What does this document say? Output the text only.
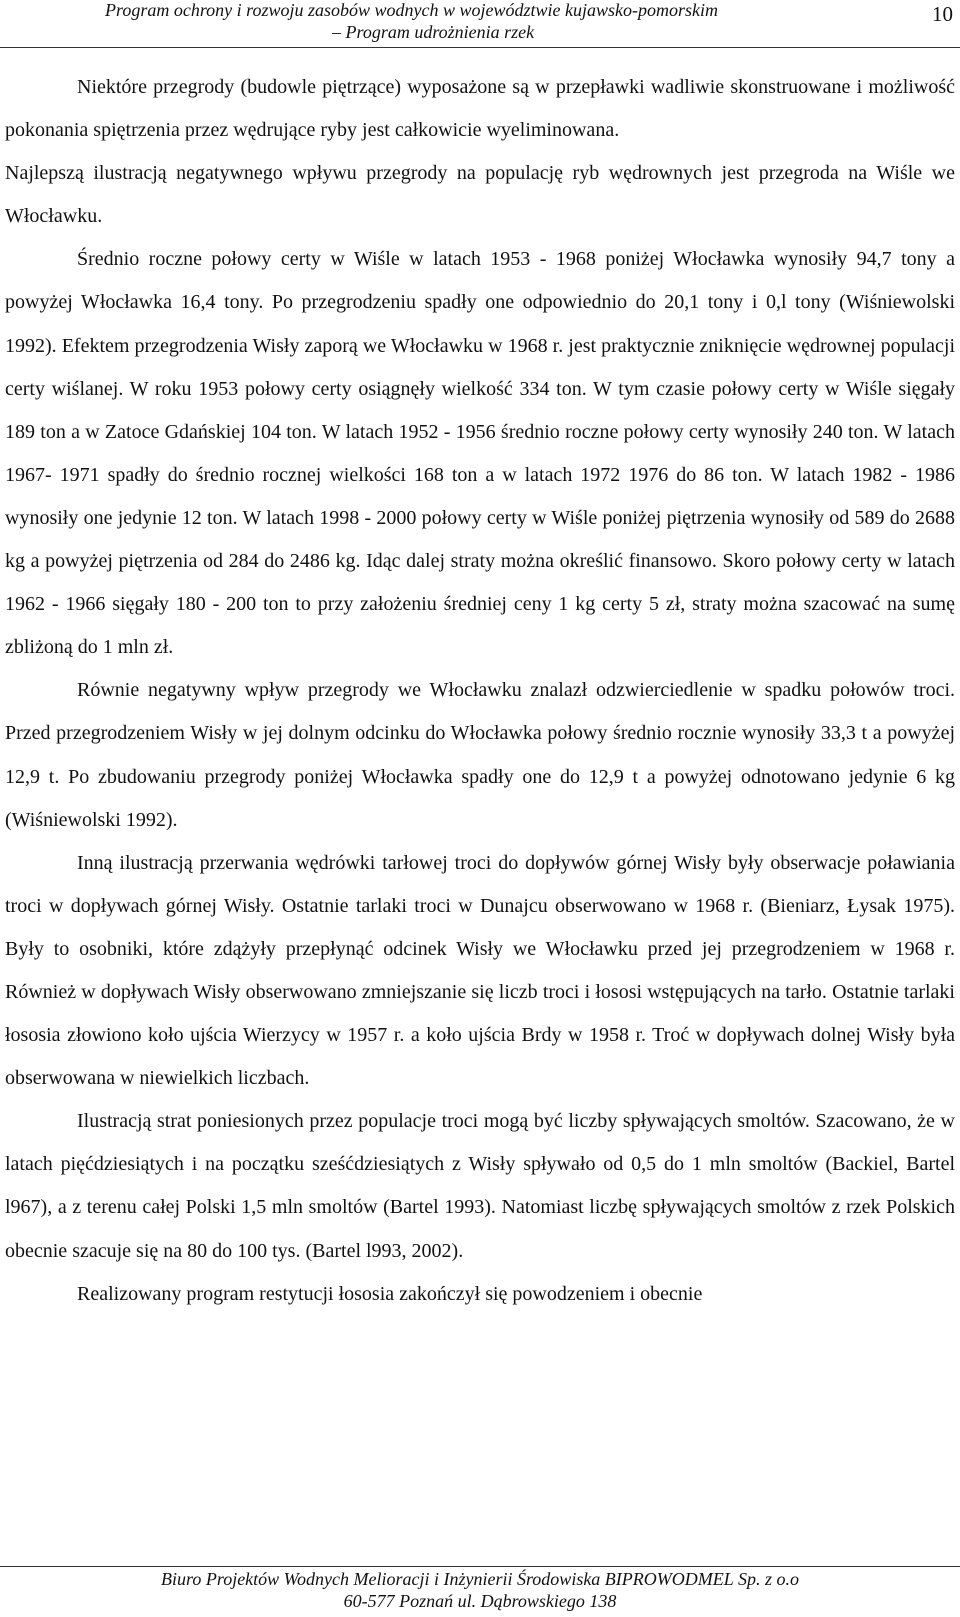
Program ochrony i rozwoju zasobów wodnych w województwie kujawsko-pomorskim
– Program udrożnienia rzek
10

Niektóre przegrody (budowle piętrzące) wyposażone są w przepławki wadliwie skonstruowane i możliwość pokonania spiętrzenia przez wędrujące ryby jest całkowicie wyeliminowana.

Najlepszą ilustracją negatywnego wpływu przegrody na populację ryb wędrownych jest przegroda na Wiśle we Włocławku.

Średnio roczne połowy certy w Wiśle w latach 1953 - 1968 poniżej Włocławka wynosiły 94,7 tony a powyżej Włocławka 16,4 tony. Po przegrodzeniu spadły one odpowiednio do 20,1 tony i 0,l tony (Wiśniewolski 1992). Efektem przegrodzenia Wisły zaporą we Włocławku w 1968 r. jest praktycznie zniknięcie wędrownej populacji certy wiślanej. W roku 1953 połowy certy osiągnęły wielkość 334 ton. W tym czasie połowy certy w Wiśle sięgały 189 ton a w Zatoce Gdańskiej 104 ton. W latach 1952 - 1956 średnio roczne połowy certy wynosiły 240 ton. W latach 1967- 1971 spadły do średnio rocznej wielkości 168 ton a w latach 1972 1976 do 86 ton. W latach 1982 - 1986 wynosiły one jedynie 12 ton. W latach 1998 - 2000 połowy certy w Wiśle poniżej piętrzenia wynosiły od 589 do 2688 kg a powyżej piętrzenia od 284 do 2486 kg. Idąc dalej straty można określić finansowo. Skoro połowy certy w latach 1962 - 1966 sięgały 180 - 200 ton to przy założeniu średniej ceny 1 kg certy 5 zł, straty można szacować na sumę zbliżoną do 1 mln zł.

Równie negatywny wpływ przegrody we Włocławku znalazł odzwierciedlenie w spadku połowów troci. Przed przegrodzeniem Wisły w jej dolnym odcinku do Włocławka połowy średnio rocznie wynosiły 33,3 t a powyżej 12,9 t. Po zbudowaniu przegrody poniżej Włocławka spadły one do 12,9 t a powyżej odnotowano jedynie 6 kg (Wiśniewolski 1992).

Inną ilustracją przerwania wędrówki tarłowej troci do dopływów górnej Wisły były obserwacje poławiania troci w dopływach górnej Wisły. Ostatnie tarlaki troci w Dunajcu obserwowano w 1968 r. (Bieniarz, Łysak 1975). Były to osobniki, które zdążyły przepłynąć odcinek Wisły we Włocławku przed jej przegrodzeniem w 1968 r. Również w dopływach Wisły obserwowano zmniejszanie się liczb troci i łososi wstępujących na tarło. Ostatnie tarlaki łososia złowiono koło ujścia Wierzycy w 1957 r. a koło ujścia Brdy w 1958 r. Troć w dopływach dolnej Wisły była obserwowana w niewielkich liczbach.

Ilustracją strat poniesionych przez populacje troci mogą być liczby spływających smoltów. Szacowano, że w latach pięćdziesiątych i na początku sześćdziesiątych z Wisły spływało od 0,5 do 1 mln smoltów (Backiel, Bartel l967), a z terenu całej Polski 1,5 mln smoltów (Bartel 1993). Natomiast liczbę spływających smoltów z rzek Polskich obecnie szacuje się na 80 do 100 tys. (Bartel l993, 2002).

Realizowany program restytucji łososia zakończył się powodzeniem i obecnie

Biuro Projektów Wodnych Melioracji i Inżynierii Środowiska BIPROWODMEL Sp. z o.o
60-577 Poznań ul. Dąbrowskiego 138
